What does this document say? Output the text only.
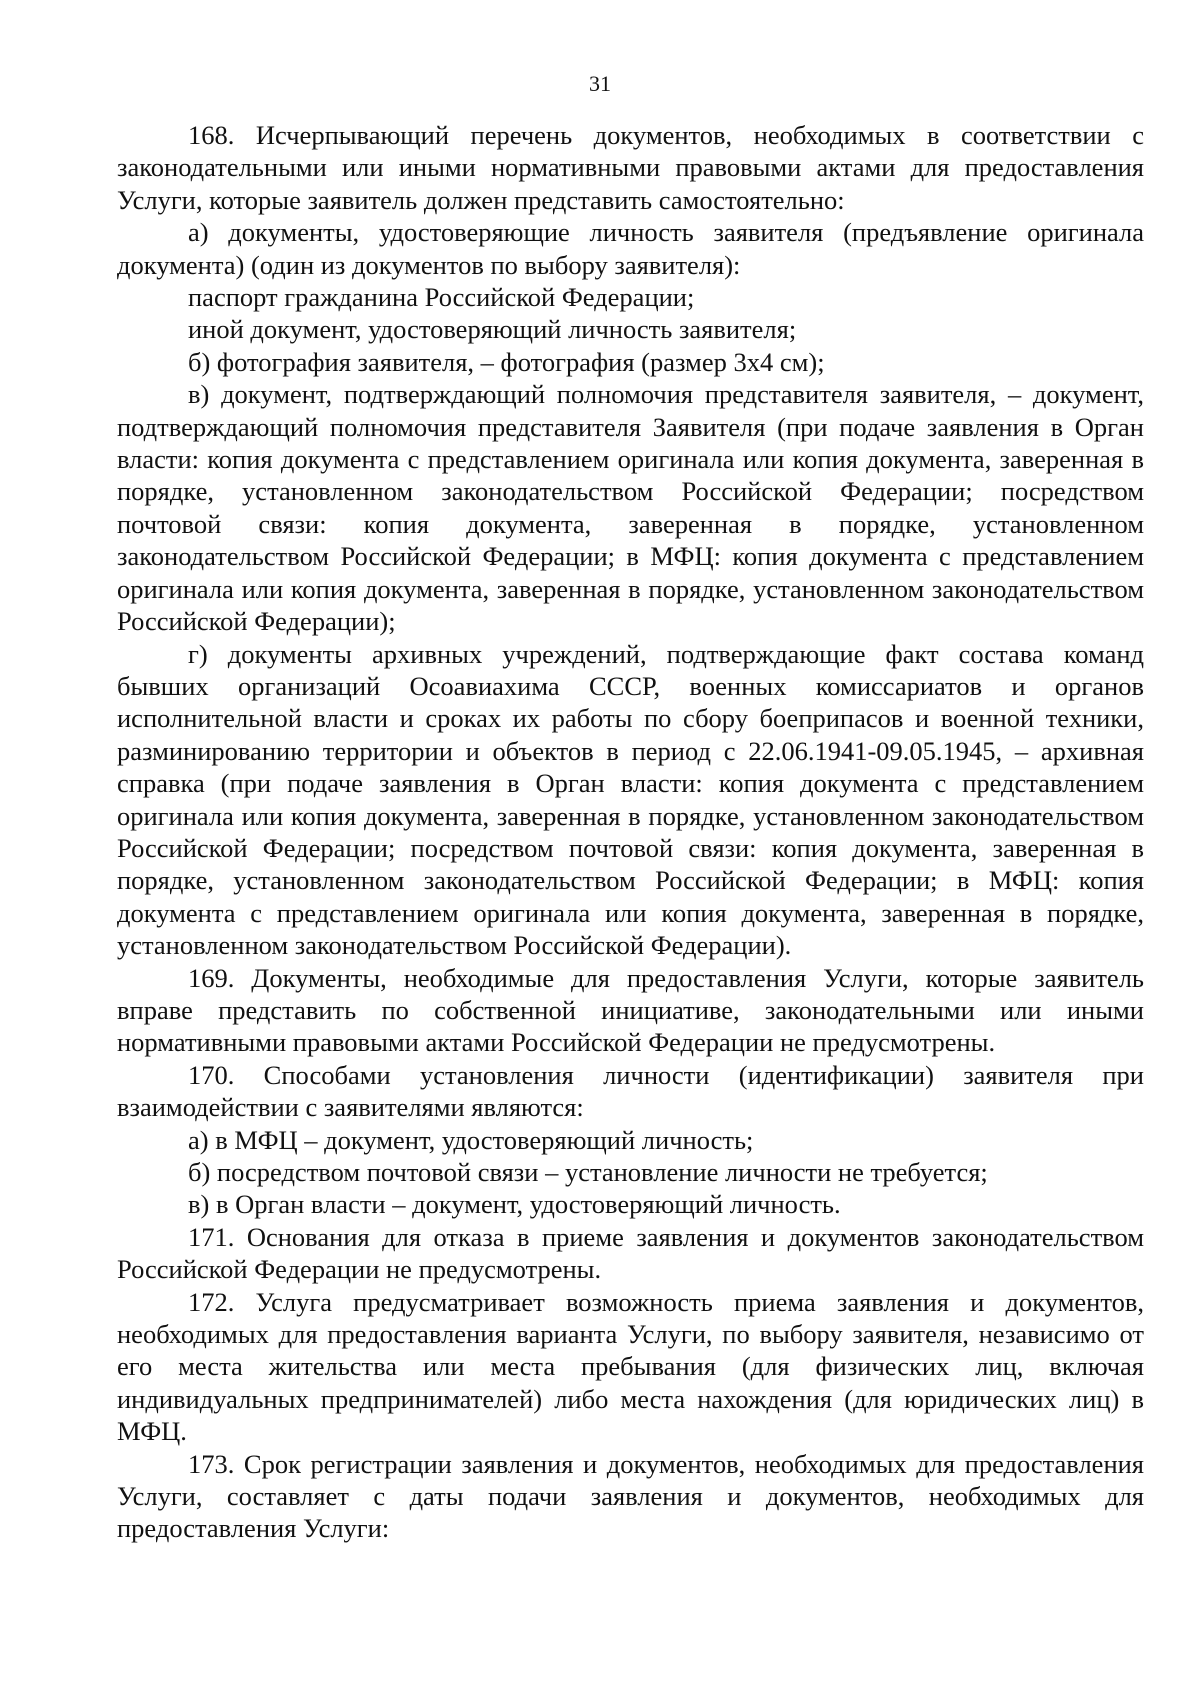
31

168. Исчерпывающий перечень документов, необходимых в соответствии с законодательными или иными нормативными правовыми актами для предоставления Услуги, которые заявитель должен представить самостоятельно:

а) документы, удостоверяющие личность заявителя (предъявление оригинала документа) (один из документов по выбору заявителя):

паспорт гражданина Российской Федерации;

иной документ, удостоверяющий личность заявителя;

б) фотография заявителя, – фотография (размер 3х4 см);

в) документ, подтверждающий полномочия представителя заявителя, – документ, подтверждающий полномочия представителя Заявителя (при подаче заявления в Орган власти: копия документа с представлением оригинала или копия документа, заверенная в порядке, установленном законодательством Российской Федерации; посредством почтовой связи: копия документа, заверенная в порядке, установленном законодательством Российской Федерации; в МФЦ: копия документа с представлением оригинала или копия документа, заверенная в порядке, установленном законодательством Российской Федерации);

г) документы архивных учреждений, подтверждающие факт состава команд бывших организаций Осоавиахима СССР, военных комиссариатов и органов исполнительной власти и сроках их работы по сбору боеприпасов и военной техники, разминированию территории и объектов в период с 22.06.1941-09.05.1945, – архивная справка (при подаче заявления в Орган власти: копия документа с представлением оригинала или копия документа, заверенная в порядке, установленном законодательством Российской Федерации; посредством почтовой связи: копия документа, заверенная в порядке, установленном законодательством Российской Федерации; в МФЦ: копия документа с представлением оригинала или копия документа, заверенная в порядке, установленном законодательством Российской Федерации).

169. Документы, необходимые для предоставления Услуги, которые заявитель вправе представить по собственной инициативе, законодательными или иными нормативными правовыми актами Российской Федерации не предусмотрены.

170. Способами установления личности (идентификации) заявителя при взаимодействии с заявителями являются:

а) в МФЦ – документ, удостоверяющий личность;

б) посредством почтовой связи – установление личности не требуется;

в) в Орган власти – документ, удостоверяющий личность.

171. Основания для отказа в приеме заявления и документов законодательством Российской Федерации не предусмотрены.

172. Услуга предусматривает возможность приема заявления и документов, необходимых для предоставления варианта Услуги, по выбору заявителя, независимо от его места жительства или места пребывания (для физических лиц, включая индивидуальных предпринимателей) либо места нахождения (для юридических лиц) в МФЦ.

173. Срок регистрации заявления и документов, необходимых для предоставления Услуги, составляет с даты подачи заявления и документов, необходимых для предоставления Услуги:
